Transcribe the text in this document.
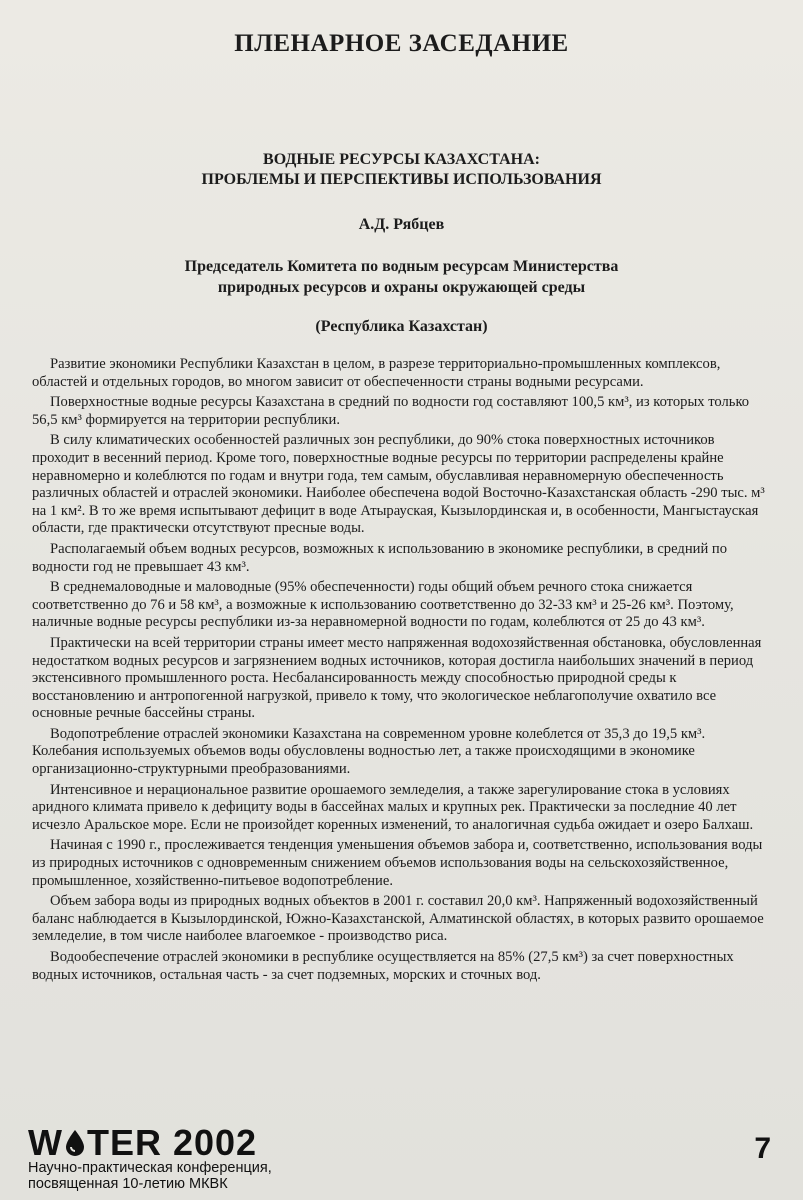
ПЛЕНАРНОЕ ЗАСЕДАНИЕ
ВОДНЫЕ РЕСУРСЫ КАЗАХСТАНА:
ПРОБЛЕМЫ И ПЕРСПЕКТИВЫ ИСПОЛЬЗОВАНИЯ
А.Д. Рябцев
Председатель Комитета по водным ресурсам Министерства
природных ресурсов и охраны окружающей среды
(Республика Казахстан)

Развитие экономики Республики Казахстан в целом, в разрезе территориально-промышленных комплексов, областей и отдельных городов, во многом зависит от обеспеченности страны водными ресурсами.

Поверхностные водные ресурсы Казахстана в средний по водности год составляют 100,5 км³, из которых только 56,5 км³ формируется на территории республики.

В силу климатических особенностей различных зон республики, до 90% стока поверхностных источников проходит в весенний период. Кроме того, поверхностные водные ресурсы по территории распределены крайне неравномерно и колеблются по годам и внутри года, тем самым, обуславливая неравномерную обеспеченность различных областей и отраслей экономики. Наиболее обеспечена водой Восточно-Казахстанская область -290 тыс. м³ на 1 км². В то же время испытывают дефицит в воде Атырауская, Кызылординская и, в особенности, Мангыстауская области, где практически отсутствуют пресные воды.

Располагаемый объем водных ресурсов, возможных к использованию в экономике республики, в средний по водности год не превышает 43 км³.

В среднемаловодные и маловодные (95% обеспеченности) годы общий объем речного стока снижается соответственно до 76 и 58 км³, а возможные к использованию соответственно до 32-33 км³ и 25-26 км³. Поэтому, наличные водные ресурсы республики из-за неравномерной водности по годам, колеблются от 25 до 43 км³.

Практически на всей территории страны имеет место напряженная водохозяйственная обстановка, обусловленная недостатком водных ресурсов и загрязнением водных источников, которая достигла наибольших значений в период экстенсивного промышленного роста. Несбалансированность между способностью природной среды к восстановлению и антропогенной нагрузкой, привело к тому, что экологическое неблагополучие охватило все основные речные бассейны страны.

Водопотребление отраслей экономики Казахстана на современном уровне колеблется от 35,3 до 19,5 км³. Колебания используемых объемов воды обусловлены водностью лет, а также происходящими в экономике организационно-структурными преобразованиями.

Интенсивное и нерациональное развитие орошаемого земледелия, а также зарегулирование стока в условиях аридного климата привело к дефициту воды в бассейнах малых и крупных рек. Практически за последние 40 лет исчезло Аральское море. Если не произойдет коренных изменений, то аналогичная судьба ожидает и озеро Балхаш.

Начиная с 1990 г., прослеживается тенденция уменьшения объемов забора и, соответственно, использования воды из природных источников с одновременным снижением объемов использования воды на сельскохозяйственное, промышленное, хозяйственно-питьевое водопотребление.

Объем забора воды из природных водных объектов в 2001 г. составил 20,0 км³. Напряженный водохозяйственный баланс наблюдается в Кызылординской, Южно-Казахстанской, Алматинской областях, в которых развито орошаемое земледелие, в том числе наиболее влагоемкое - производство риса.

Водообеспечение отраслей экономики в республике осуществляется на 85% (27,5 км³) за счет поверхностных водных источников, остальная часть - за счет подземных, морских и сточных вод.

W TER 2002
Научно-практическая конференция,
посвященная 10-летию МКВК
7
